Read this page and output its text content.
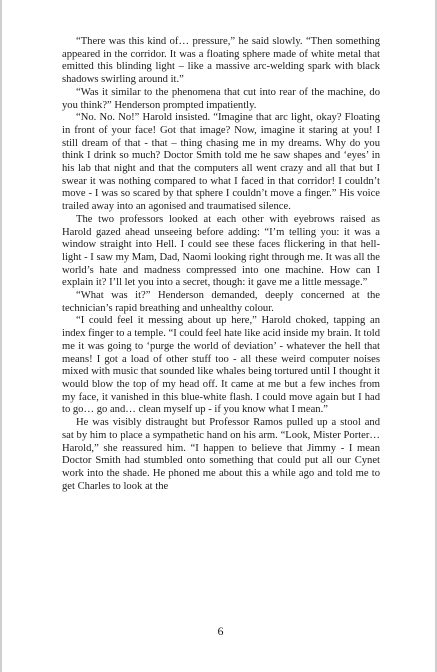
“There was this kind of… pressure,” he said slowly. “Then something appeared in the corridor. It was a floating sphere made of white metal that emitted this blinding light – like a massive arc-welding spark with black shadows swirling around it.”

“Was it similar to the phenomena that cut into rear of the machine, do you think?” Henderson prompted impatiently.

“No. No. No!” Harold insisted. “Imagine that arc light, okay? Floating in front of your face! Got that image? Now, imagine it staring at you! I still dream of that - that – thing chasing me in my dreams. Why do you think I drink so much? Doctor Smith told me he saw shapes and ‘eyes’ in his lab that night and that the computers all went crazy and all that but I swear it was nothing compared to what I faced in that corridor! I couldn’t move - I was so scared by that sphere I couldn’t move a finger.” His voice trailed away into an agonised and traumatised silence.

The two professors looked at each other with eyebrows raised as Harold gazed ahead unseeing before adding: “I’m telling you: it was a window straight into Hell. I could see these faces flickering in that hell-light - I saw my Mam, Dad, Naomi looking right through me. It was all the world’s hate and madness compressed into one machine. How can I explain it? I’ll let you into a secret, though: it gave me a little message.”

“What was it?” Henderson demanded, deeply concerned at the technician’s rapid breathing and unhealthy colour.

“I could feel it messing about up here,” Harold choked, tapping an index finger to a temple. “I could feel hate like acid inside my brain. It told me it was going to ‘purge the world of deviation’ - whatever the hell that means! I got a load of other stuff too - all these weird computer noises mixed with music that sounded like whales being tortured until I thought it would blow the top of my head off. It came at me but a few inches from my face, it vanished in this blue-white flash. I could move again but I had to go… go and… clean myself up - if you know what I mean.”

He was visibly distraught but Professor Ramos pulled up a stool and sat by him to place a sympathetic hand on his arm. “Look, Mister Porter… Harold,” she reassured him. “I happen to believe that Jimmy - I mean Doctor Smith had stumbled onto something that could put all our Cynet work into the shade. He phoned me about this a while ago and told me to get Charles to look at the

6
